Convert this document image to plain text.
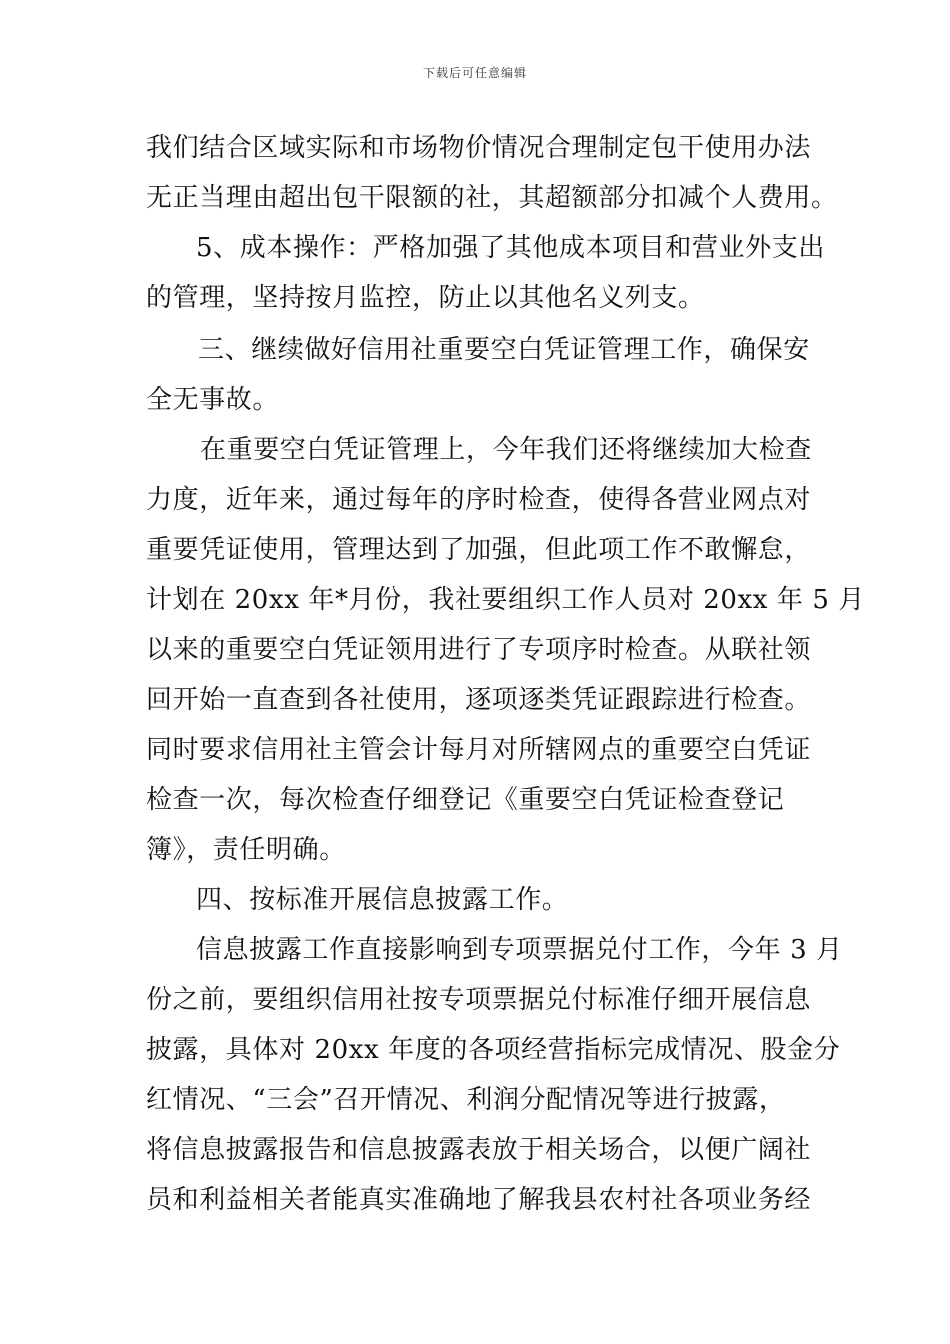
下载后可任意编辑
我们结合区域实际和市场物价情况合理制定包干使用办法
无正当理由超出包干限额的社，其超额部分扣减个人费用。
5、成本操作：严格加强了其他成本项目和营业外支出
的管理，坚持按月监控，防止以其他名义列支。
三、继续做好信用社重要空白凭证管理工作，确保安
全无事故。
在重要空白凭证管理上，今年我们还将继续加大检查
力度，近年来，通过每年的序时检查，使得各营业网点对
重要凭证使用，管理达到了加强，但此项工作不敢懈怠，
计划在 20xx 年*月份，我社要组织工作人员对 20xx 年 5 月
以来的重要空白凭证领用进行了专项序时检查。从联社领
回开始一直查到各社使用，逐项逐类凭证跟踪进行检查。
同时要求信用社主管会计每月对所辖网点的重要空白凭证
检查一次，每次检查仔细登记《重要空白凭证检查登记
簿》，责任明确。
四、按标准开展信息披露工作。
信息披露工作直接影响到专项票据兑付工作，今年 3 月
份之前，要组织信用社按专项票据兑付标准仔细开展信息
披露，具体对 20xx 年度的各项经营指标完成情况、股金分
红情况、“三会”召开情况、利润分配情况等进行披露，
将信息披露报告和信息披露表放于相关场合，以便广阔社
员和利益相关者能真实准确地了解我县农村社各项业务经
